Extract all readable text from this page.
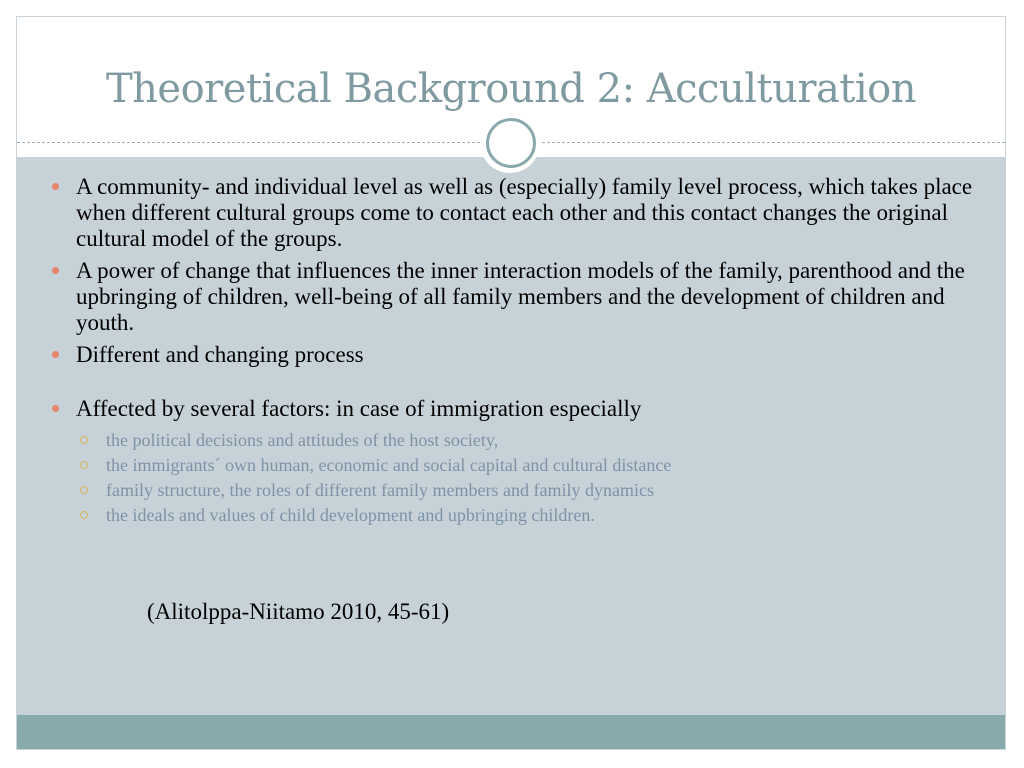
Theoretical Background 2: Acculturation
A community- and individual level as well as (especially) family level process, which takes place when different cultural groups come to contact each other and this contact changes the original cultural model of the groups.
A power of change that influences the inner interaction models of the family, parenthood and the upbringing of children, well-being of all family members and the development of children and youth.
Different and changing process
Affected by several factors: in case of immigration especially
the political decisions and attitudes of the host society,
the immigrants´ own human, economic and social capital and cultural distance
family structure, the roles of different family members and family dynamics
the ideals and values of child development and upbringing children.
(Alitolppa-Niitamo 2010, 45-61)
